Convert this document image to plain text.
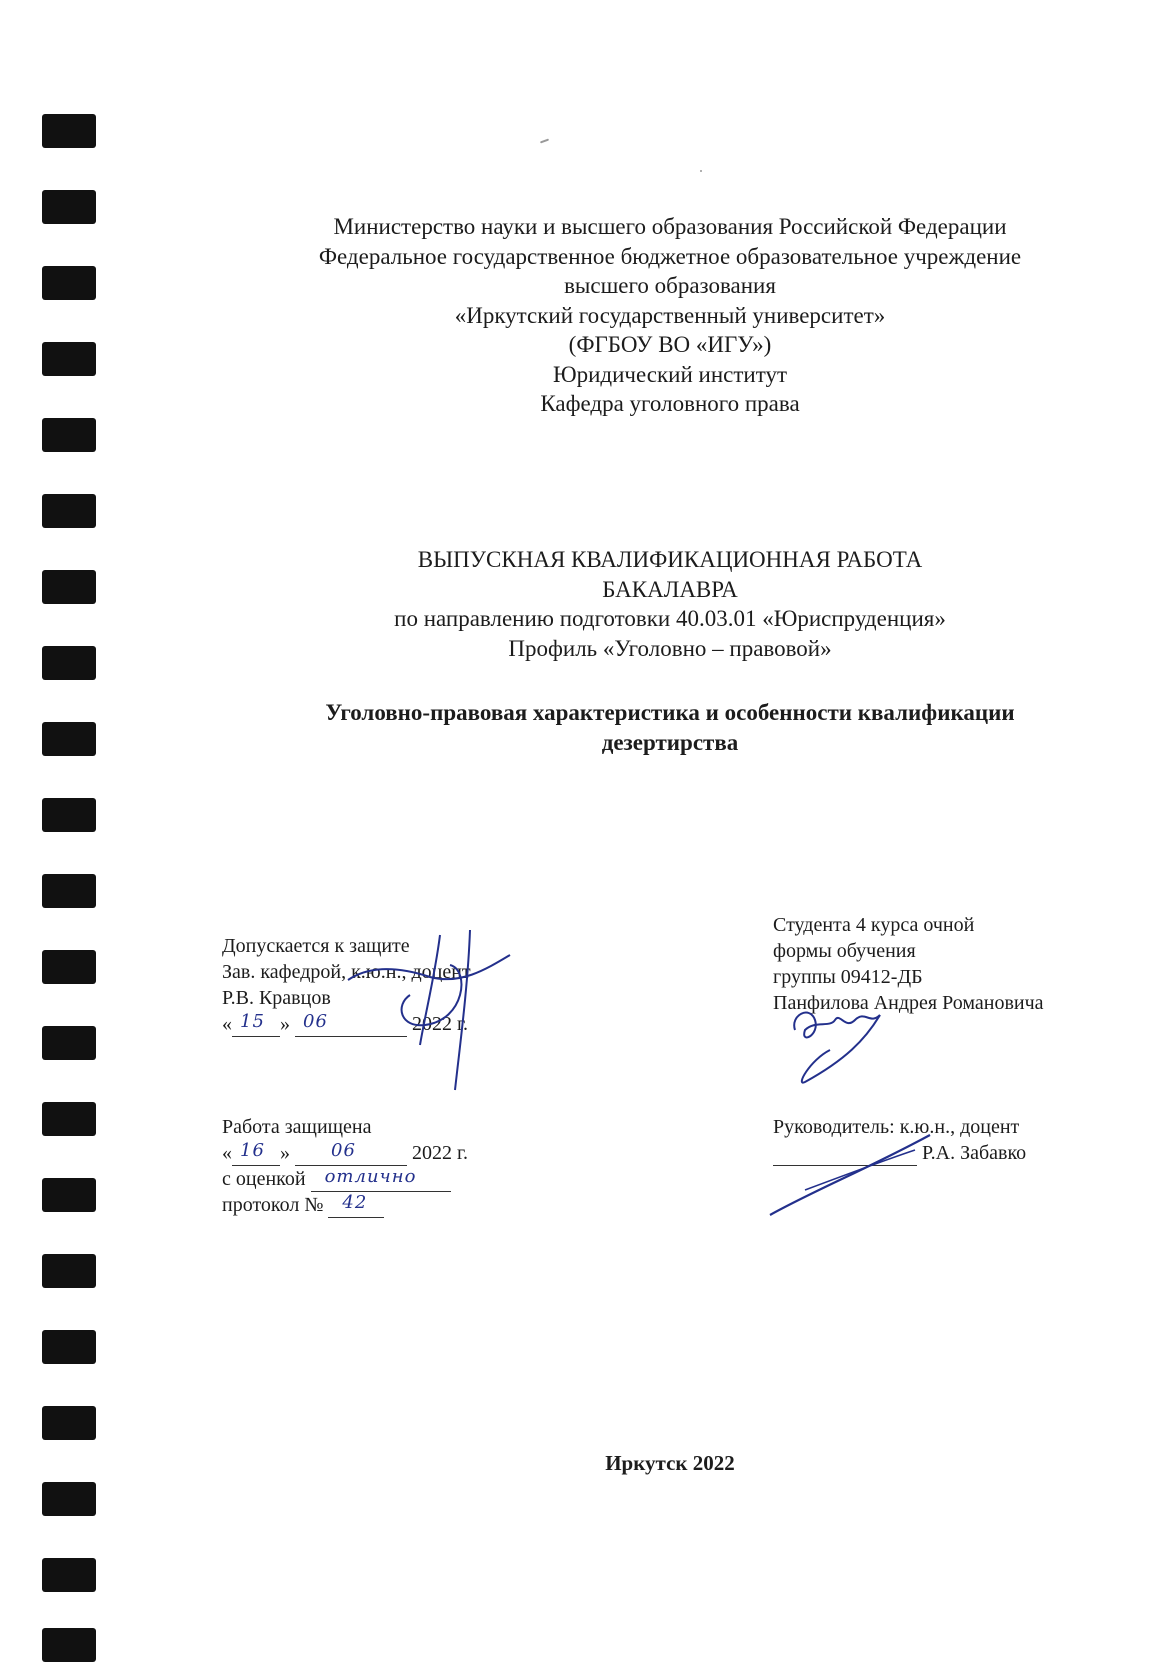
Министерство науки и высшего образования Российской Федерации
Федеральное государственное бюджетное образовательное учреждение
высшего образования
«Иркутский государственный университет»
(ФГБОУ ВО «ИГУ»)
Юридический институт
Кафедра уголовного права
ВЫПУСКНАЯ КВАЛИФИКАЦИОННАЯ РАБОТА
БАКАЛАВРА
по направлению подготовки 40.03.01 «Юриспруденция»
Профиль «Уголовно – правовой»
Уголовно-правовая характеристика и особенности квалификации
дезертирства
Допускается к защите
Зав. кафедрой, к.ю.н., доцент
Р.В. Кравцов
« 15 » 06	2022 г.
Студента 4 курса очной
формы обучения
группы 09412-ДБ
Панфилова Андрея Романовича
Работа защищена
« 16 » 06	2022 г.
с оценкой отлично
протокол № 42
Руководитель: к.ю.н., доцент
Р.А. Забавко
Иркутск 2022
